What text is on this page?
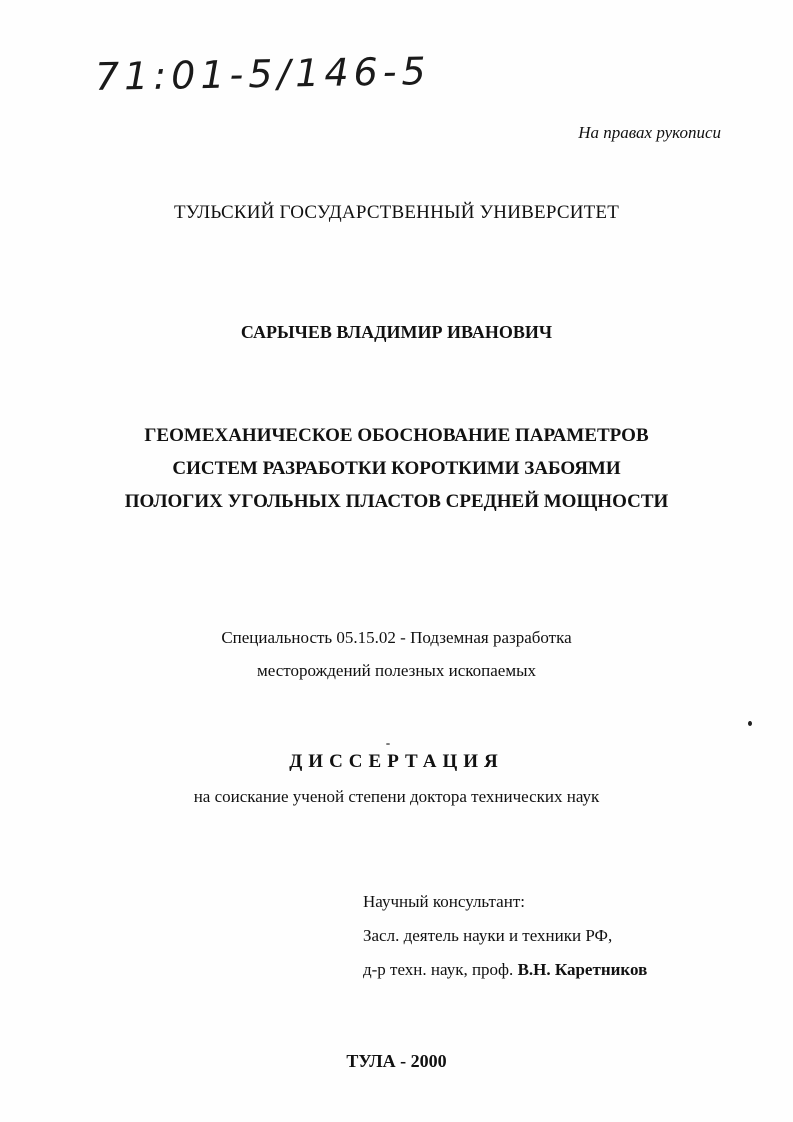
71:01-5/146-5
На правах рукописи
ТУЛЬСКИЙ ГОСУДАРСТВЕННЫЙ УНИВЕРСИТЕТ
САРЫЧЕВ ВЛАДИМИР ИВАНОВИЧ
ГЕОМЕХАНИЧЕСКОЕ ОБОСНОВАНИЕ ПАРАМЕТРОВ
СИСТЕМ РАЗРАБОТКИ КОРОТКИМИ ЗАБОЯМИ
ПОЛОГИХ УГОЛЬНЫХ ПЛАСТОВ СРЕДНЕЙ МОЩНОСТИ
Специальность 05.15.02 - Подземная разработка
месторождений полезных ископаемых
ДИССЕРТАЦИЯ
на соискание ученой степени доктора технических наук
Научный консультант:
Засл. деятель науки и техники РФ,
д-р техн. наук, проф. В.Н. Каретников
ТУЛА - 2000
